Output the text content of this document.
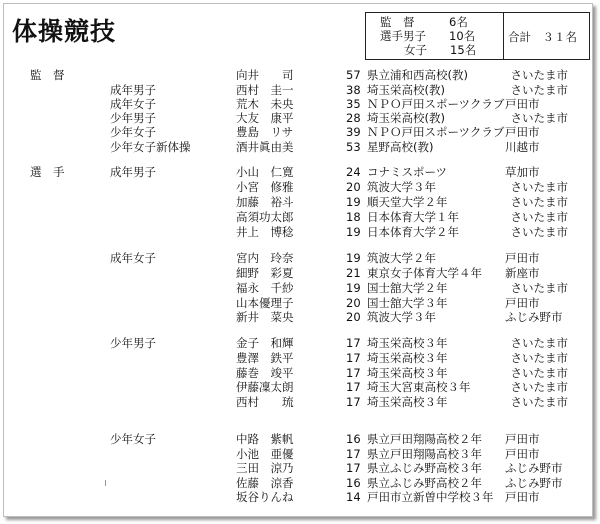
体操競技	監　督　　　6名
選手男子　　10名
女子　　15名
合計　３１名
監　督	向井　　司	57 県立浦和西高校(教)	さいたま市
成年男子	西村　圭一	38 埼玉栄高校(教)	さいたま市
成年女子	荒木　未央	35 ＮＰＯ戸田スポーツクラブ 戸田市
少年男子	大友　康平	28 埼玉栄高校(教)	さいたま市
少年女子	豊島　リサ	39 ＮＰＯ戸田スポーツクラブ 戸田市
少年女子新体操	酒井眞由美	53 星野高校(教)	川越市
選　手	成年男子	小山　仁寛	24 コナミスポーツ	草加市
小宮　修雅	20 筑波大学３年	さいたま市
加藤　裕斗	19 順天堂大学２年	さいたま市
高須功太郎	18 日本体育大学１年	さいたま市
井上　博稔	19 日本体育大学２年	さいたま市
成年女子	宮内　玲奈	19 筑波大学２年	戸田市
細野　彩夏	21 東京女子体育大学４年 新座市
福永　千紗	19 国士舘大学２年	さいたま市
山本優理子	20 国士舘大学３年	戸田市
新井　菜央	20 筑波大学３年	ふじみ野市
少年男子	金子　和輝	17 埼玉栄高校３年	さいたま市
豊澤　鉄平	17 埼玉栄高校３年	さいたま市
藤巻　竣平	17 埼玉栄高校３年	さいたま市
伊藤凜太朗	17 埼玉大宮東高校３年	さいたま市
西村　　琉	17 埼玉栄高校３年	さいたま市
少年女子	中路　紫帆	16 県立戸田翔陽高校２年 戸田市
小池　亜優	17 県立戸田翔陽高校３年 戸田市
三田　涼乃	17 県立ふじみ野高校３年 ふじみ野市
佐藤　涼香	16 県立ふじみ野高校２年 ふじみ野市
坂谷りんね	14 戸田市立新曽中学校３年 戸田市
